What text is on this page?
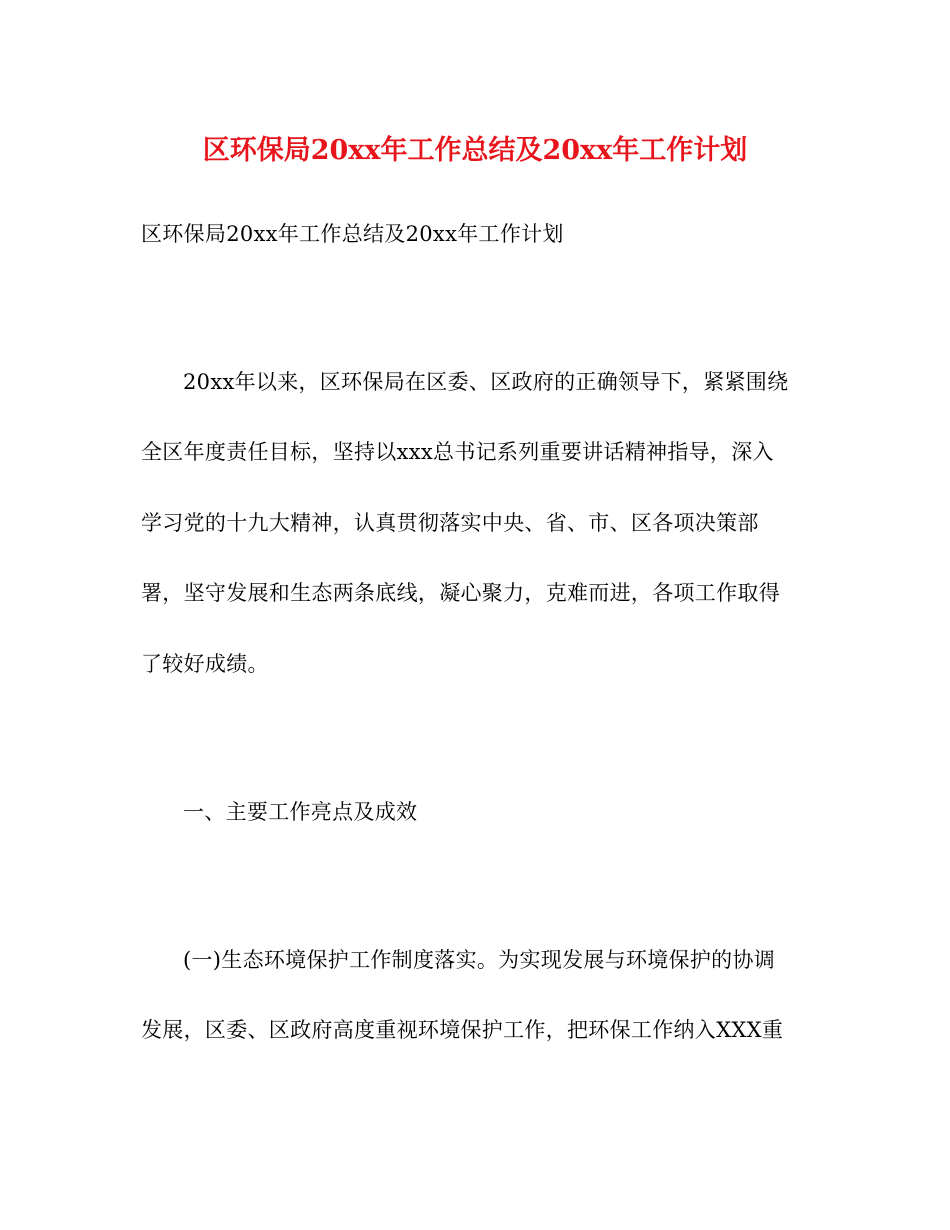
区环保局20xx年工作总结及20xx年工作计划
区环保局20xx年工作总结及20xx年工作计划
20xx年以来，区环保局在区委、区政府的正确领导下，紧紧围绕
全区年度责任目标，坚持以xxx总书记系列重要讲话精神指导，深入
学习党的十九大精神，认真贯彻落实中央、省、市、区各项决策部
署，坚守发展和生态两条底线，凝心聚力，克难而进，各项工作取得
了较好成绩。
一、主要工作亮点及成效
(一)生态环境保护工作制度落实。为实现发展与环境保护的协调
发展，区委、区政府高度重视环境保护工作，把环保工作纳入XXX重
